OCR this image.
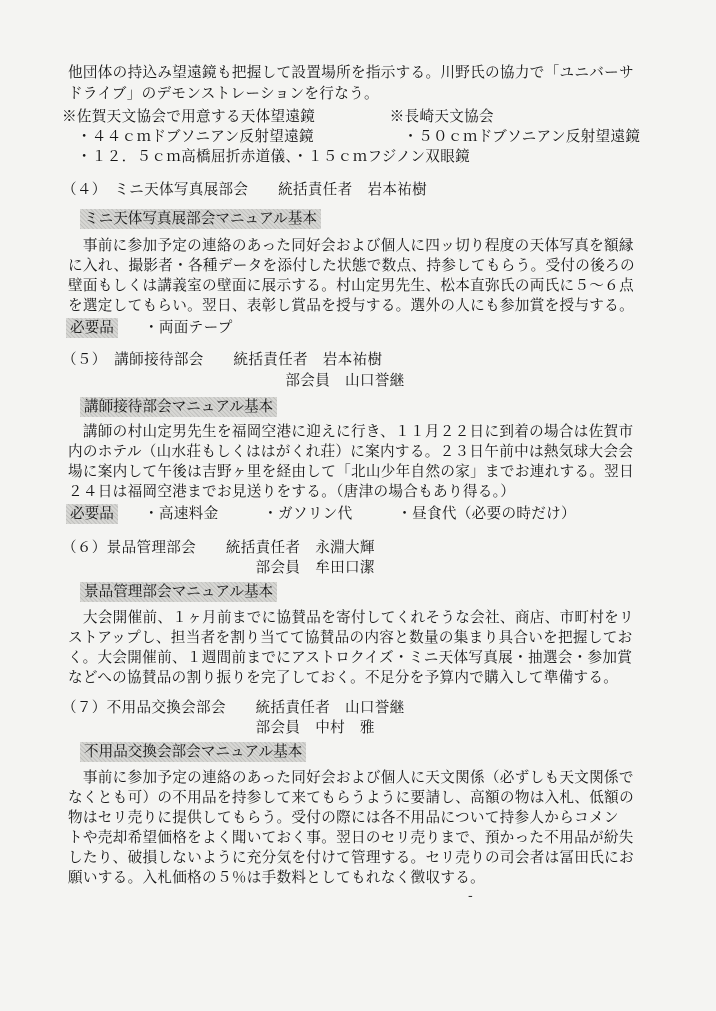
他団体の持込み望遠鏡も把握して設置場所を指示する。川野氏の協力で「ユニバーサ
ドライブ」のデモンストレーションを行なう。
※佐賀天文協会で用意する天体望遠鏡　　　　　※長崎天文協会
　・４４ｃｍドブソニアン反射望遠鏡　　　　　　・５０ｃｍドブソニアン反射望遠鏡
　・１２．５ｃｍ高橋屈折赤道儀、・１５ｃｍフジノン双眼鏡
（４）　ミニ天体写真展部会　　統括責任者　岩本祐樹
ミニ天体写真展部会マニュアル基本
　事前に参加予定の連絡のあった同好会および個人に四ッ切り程度の天体写真を額縁
に入れ、撮影者・各種データを添付した状態で数点、持参してもらう。受付の後ろの
壁面もしくは講義室の壁面に展示する。村山定男先生、松本直弥氏の両氏に５～６点
を選定してもらい。翌日、表彰し賞品を授与する。選外の人にも参加賞を授与する。
必要品 ・両面テープ
（５）　講師接待部会　　統括責任者　岩本祐樹
　　　　　　　　　　　　　　　部会員　山口誉継
講師接待部会マニュアル基本
　講師の村山定男先生を福岡空港に迎えに行き、１１月２２日に到着の場合は佐賀市
内のホテル（山水荘もしくははがくれ荘）に案内する。２３日午前中は熱気球大会会
場に案内して午後は吉野ヶ里を経由して「北山少年自然の家」までお連れする。翌日
２４日は福岡空港までお見送りをする。（唐津の場合もあり得る。）
必要品 ・高速料金　　　・ガソリン代　　　・昼食代（必要の時だけ）
（６）景品管理部会　　統括責任者　永淵大輝
　　　　　　　　　　　　　部会員　牟田口潔
景品管理部会マニュアル基本
　大会開催前、１ヶ月前までに協賛品を寄付してくれそうな会社、商店、市町村をリ
ストアップし、担当者を割り当てて協賛品の内容と数量の集まり具合いを把握してお
く。大会開催前、１週間前までにアストロクイズ・ミニ天体写真展・抽選会・参加賞
などへの協賛品の割り振りを完了しておく。不足分を予算内で購入して準備する。
（７）不用品交換会部会　　統括責任者　山口誉継
　　　　　　　　　　　　　部会員　中村　雅
不用品交換会部会マニュアル基本
　事前に参加予定の連絡のあった同好会および個人に天文関係（必ずしも天文関係で
なくとも可）の不用品を持参して来てもらうように要請し、高額の物は入札、低額の
物はセリ売りに提供してもらう。受付の際には各不用品について持参人からコメン
トや売却希望価格をよく聞いておく事。翌日のセリ売りまで、預かった不用品が紛失
したり、破損しないように充分気を付けて管理する。セリ売りの司会者は冨田氏にお
願いする。入札価格の５％は手数料としてもれなく徴収する。
-
